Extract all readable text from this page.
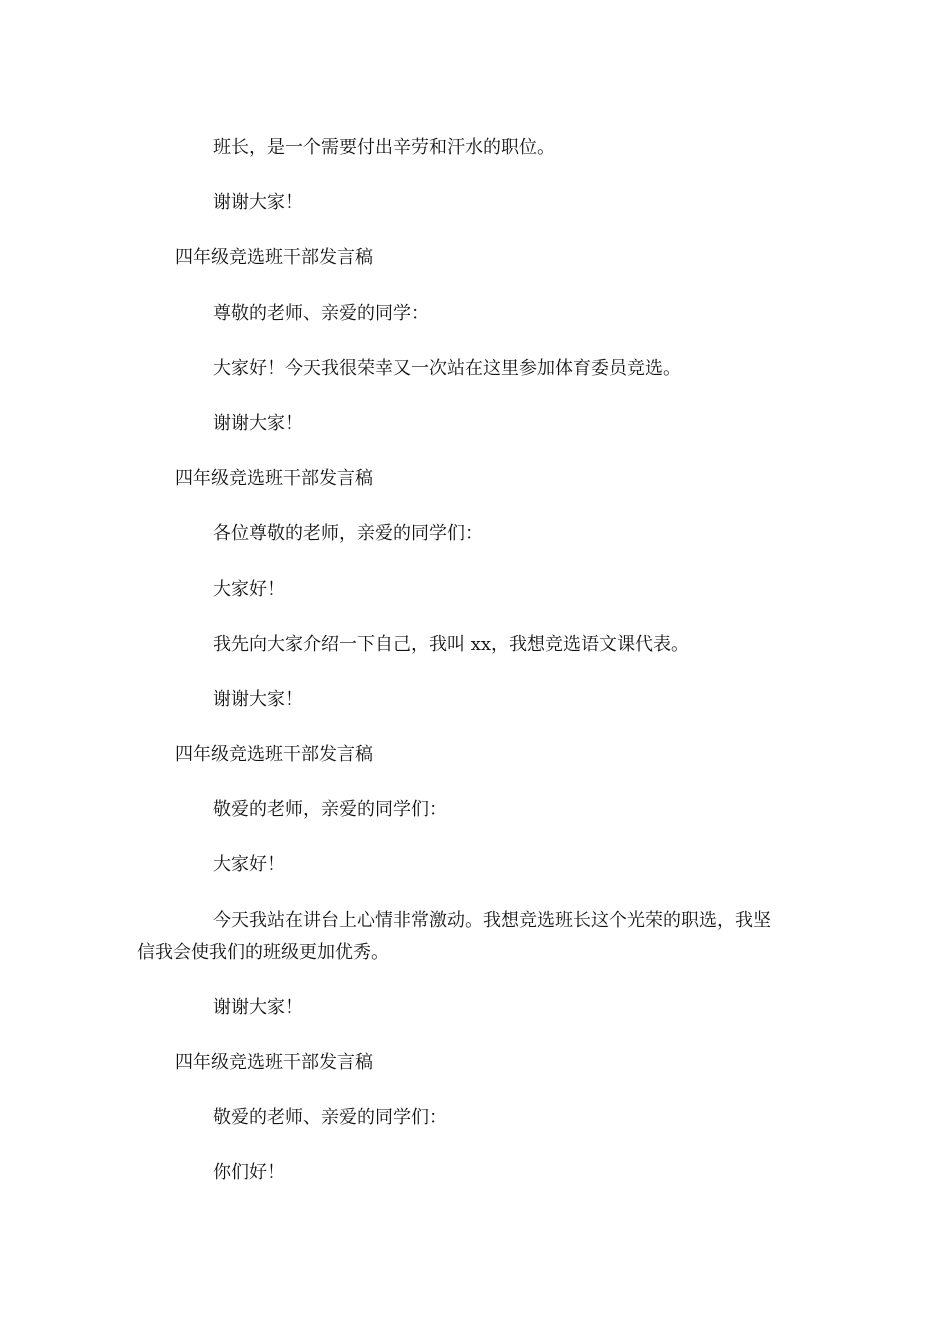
班长，是一个需要付出辛劳和汗水的职位。
谢谢大家！
四年级竞选班干部发言稿
尊敬的老师、亲爱的同学：
大家好！今天我很荣幸又一次站在这里参加体育委员竞选。
谢谢大家！
四年级竞选班干部发言稿
各位尊敬的老师，亲爱的同学们：
大家好！
我先向大家介绍一下自己，我叫 xx，我想竞选语文课代表。
谢谢大家！
四年级竞选班干部发言稿
敬爱的老师，亲爱的同学们：
大家好！
今天我站在讲台上心情非常激动。我想竞选班长这个光荣的职选，我坚
信我会使我们的班级更加优秀。
谢谢大家！
四年级竞选班干部发言稿
敬爱的老师、亲爱的同学们：
你们好！
